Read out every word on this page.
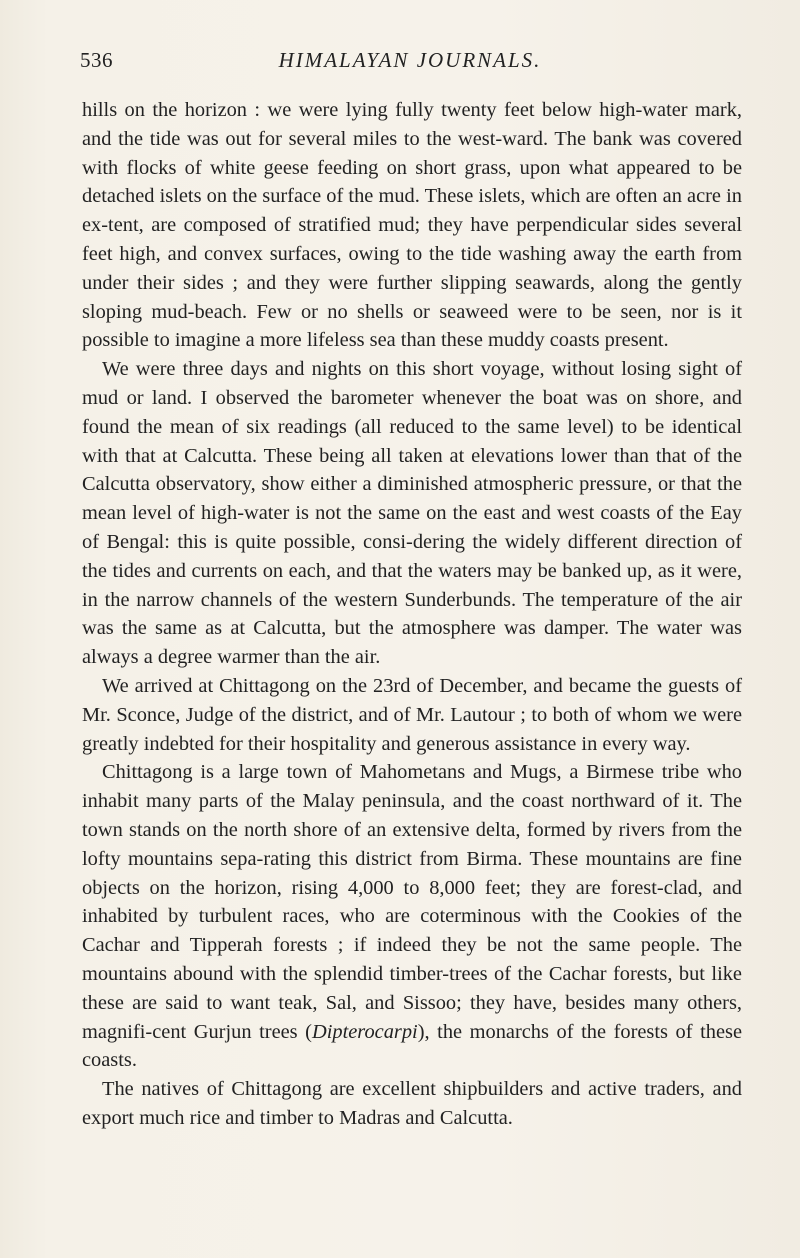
536	HIMALAYAN JOURNALS.

hills on the horizon : we were lying fully twenty feet below high-water mark, and the tide was out for several miles to the west-ward. The bank was covered with flocks of white geese feeding on short grass, upon what appeared to be detached islets on the surface of the mud. These islets, which are often an acre in ex-tent, are composed of stratified mud; they have perpendicular sides several feet high, and convex surfaces, owing to the tide washing away the earth from under their sides ; and they were further slipping seawards, along the gently sloping mud-beach. Few or no shells or seaweed were to be seen, nor is it possible to imagine a more lifeless sea than these muddy coasts present.

We were three days and nights on this short voyage, without losing sight of mud or land. I observed the barometer whenever the boat was on shore, and found the mean of six readings (all reduced to the same level) to be identical with that at Calcutta. These being all taken at elevations lower than that of the Calcutta observatory, show either a diminished atmospheric pressure, or that the mean level of high-water is not the same on the east and west coasts of the Eay of Bengal: this is quite possible, consi-dering the widely different direction of the tides and currents on each, and that the waters may be banked up, as it were, in the narrow channels of the western Sunderbunds. The temperature of the air was the same as at Calcutta, but the atmosphere was damper. The water was always a degree warmer than the air.

We arrived at Chittagong on the 23rd of December, and became the guests of Mr. Sconce, Judge of the district, and of Mr. Lautour ; to both of whom we were greatly indebted for their hospitality and generous assistance in every way.

Chittagong is a large town of Mahometans and Mugs, a Birmese tribe who inhabit many parts of the Malay peninsula, and the coast northward of it. The town stands on the north shore of an extensive delta, formed by rivers from the lofty mountains sepa-rating this district from Birma. These mountains are fine objects on the horizon, rising 4,000 to 8,000 feet; they are forest-clad, and inhabited by turbulent races, who are coterminous with the Cookies of the Cachar and Tipperah forests ; if indeed they be not the same people. The mountains abound with the splendid timber-trees of the Cachar forests, but like these are said to want teak, Sal, and Sissoo; they have, besides many others, magnifi-cent Gurjun trees (Dipterocarpi), the monarchs of the forests of these coasts.

The natives of Chittagong are excellent shipbuilders and active traders, and export much rice and timber to Madras and Calcutta.
